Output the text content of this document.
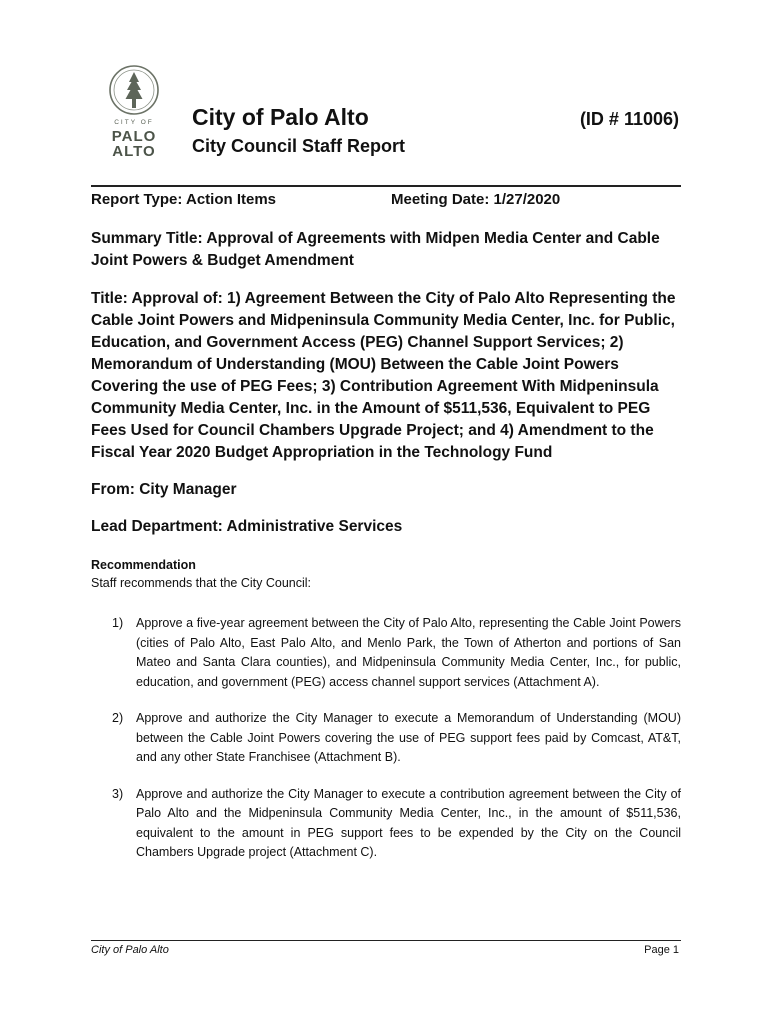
CITY OF
PALO
ALTO
City of Palo Alto	(ID # 11006)
City Council Staff Report
Report Type: Action Items	Meeting Date: 1/27/2020
Summary Title: Approval of Agreements with Midpen Media Center and Cable Joint Powers & Budget Amendment
Title: Approval of: 1) Agreement Between the City of Palo Alto Representing the Cable Joint Powers and Midpeninsula Community Media Center, Inc. for Public, Education, and Government Access (PEG) Channel Support Services; 2) Memorandum of Understanding (MOU) Between the Cable Joint Powers Covering the use of PEG Fees; 3) Contribution Agreement With Midpeninsula Community Media Center, Inc. in the Amount of $511,536, Equivalent to PEG Fees Used for Council Chambers Upgrade Project; and 4) Amendment to the Fiscal Year 2020 Budget Appropriation in the Technology Fund
From: City Manager
Lead Department: Administrative Services
Recommendation
Staff recommends that the City Council:
1) Approve a five-year agreement between the City of Palo Alto, representing the Cable Joint Powers (cities of Palo Alto, East Palo Alto, and Menlo Park, the Town of Atherton and portions of San Mateo and Santa Clara counties), and Midpeninsula Community Media Center, Inc., for public, education, and government (PEG) access channel support services (Attachment A).
2) Approve and authorize the City Manager to execute a Memorandum of Understanding (MOU) between the Cable Joint Powers covering the use of PEG support fees paid by Comcast, AT&T, and any other State Franchisee (Attachment B).
3) Approve and authorize the City Manager to execute a contribution agreement between the City of Palo Alto and the Midpeninsula Community Media Center, Inc., in the amount of $511,536, equivalent to the amount in PEG support fees to be expended by the City on the Council Chambers Upgrade project (Attachment C).
City of Palo Alto	Page 1
